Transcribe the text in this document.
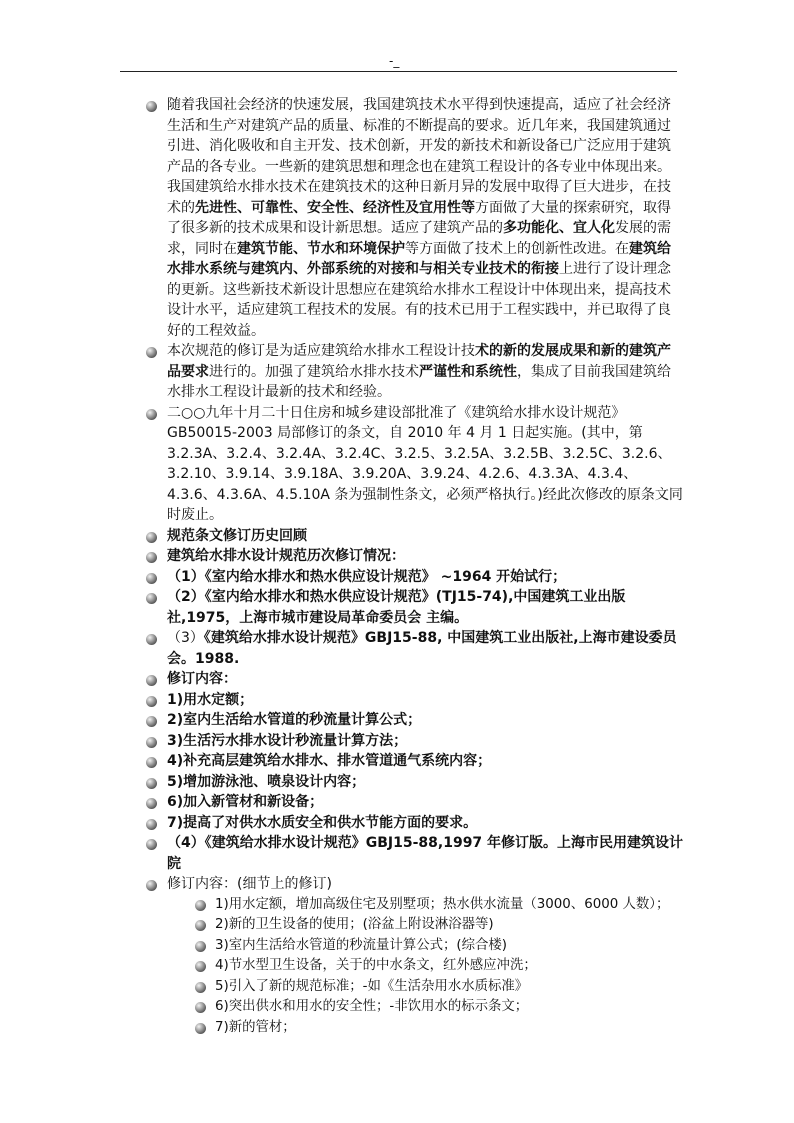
-_
随着我国社会经济的快速发展，我国建筑技术水平得到快速提高，适应了社会经济生活和生产对建筑产品的质量、标准的不断提高的要求。近几年来，我国建筑通过引进、消化吸收和自主开发、技术创新，开发的新技术和新设备已广泛应用于建筑产品的各专业。一些新的建筑思想和理念也在建筑工程设计的各专业中体现出来。我国建筑给水排水技术在建筑技术的这种日新月异的发展中取得了巨大进步，在技术的先进性、可靠性、安全性、经济性及宜用性等方面做了大量的探索研究，取得了很多新的技术成果和设计新思想。适应了建筑产品的多功能化、宜人化发展的需求，同时在建筑节能、节水和环境保护等方面做了技术上的创新性改进。在建筑给水排水系统与建筑内、外部系统的对接和与相关专业技术的衔接上进行了设计理念的更新。这些新技术新设计思想应在建筑给水排水工程设计中体现出来，提高技术设计水平，适应建筑工程技术的发展。有的技术已用于工程实践中，并已取得了良好的工程效益。
本次规范的修订是为适应建筑给水排水工程设计技术的新的发展成果和新的建筑产品要求进行的。加强了建筑给水排水技术严谨性和系统性，集成了目前我国建筑给水排水工程设计最新的技术和经验。
二○○九年十月二十日住房和城乡建设部批准了《建筑给水排水设计规范》GB50015-2003 局部修订的条文，自 2010 年 4 月 1 日起实施。(其中，第 3.2.3A、3.2.4、3.2.4A、3.2.4C、3.2.5、3.2.5A、3.2.5B、3.2.5C、3.2.6、3.2.10、3.9.14、3.9.18A、3.9.20A、3.9.24、4.2.6、4.3.3A、4.3.4、4.3.6、4.3.6A、4.5.10A 条为强制性条文，必须严格执行。)经此次修改的原条文同时废止。
规范条文修订历史回顾
建筑给水排水设计规范历次修订情况：
（1）《室内给水排水和热水供应设计规范》 ~1964 开始试行；
（2）《室内给水排水和热水供应设计规范》(TJ15-74),中国建筑工业出版社,1975，上海市城市建设局革命委员会 主编。
（3）《建筑给水排水设计规范》GBJ15-88, 中国建筑工业出版社,上海市建设委员会。1988.
修订内容：
1)用水定额；
2)室内生活给水管道的秒流量计算公式；
3)生活污水排水设计秒流量计算方法；
4)补充高层建筑给水排水、排水管道通气系统内容；
5)增加游泳池、喷泉设计内容；
6)加入新管材和新设备；
7)提高了对供水水质安全和供水节能方面的要求。
（4）《建筑给水排水设计规范》GBJ15-88,1997 年修订版。上海市民用建筑设计院
修订内容：(细节上的修订)
1)用水定额，增加高级住宅及别墅项；热水供水流量（3000、6000 人数）；
2)新的卫生设备的使用；(浴盆上附设淋浴器等)
3)室内生活给水管道的秒流量计算公式；(综合楼)
4)节水型卫生设备，关于的中水条文，红外感应冲洗；
5)引入了新的规范标准；-如《生活杂用水水质标准》
6)突出供水和用水的安全性；-非饮用水的标示条文；
7)新的管材；
